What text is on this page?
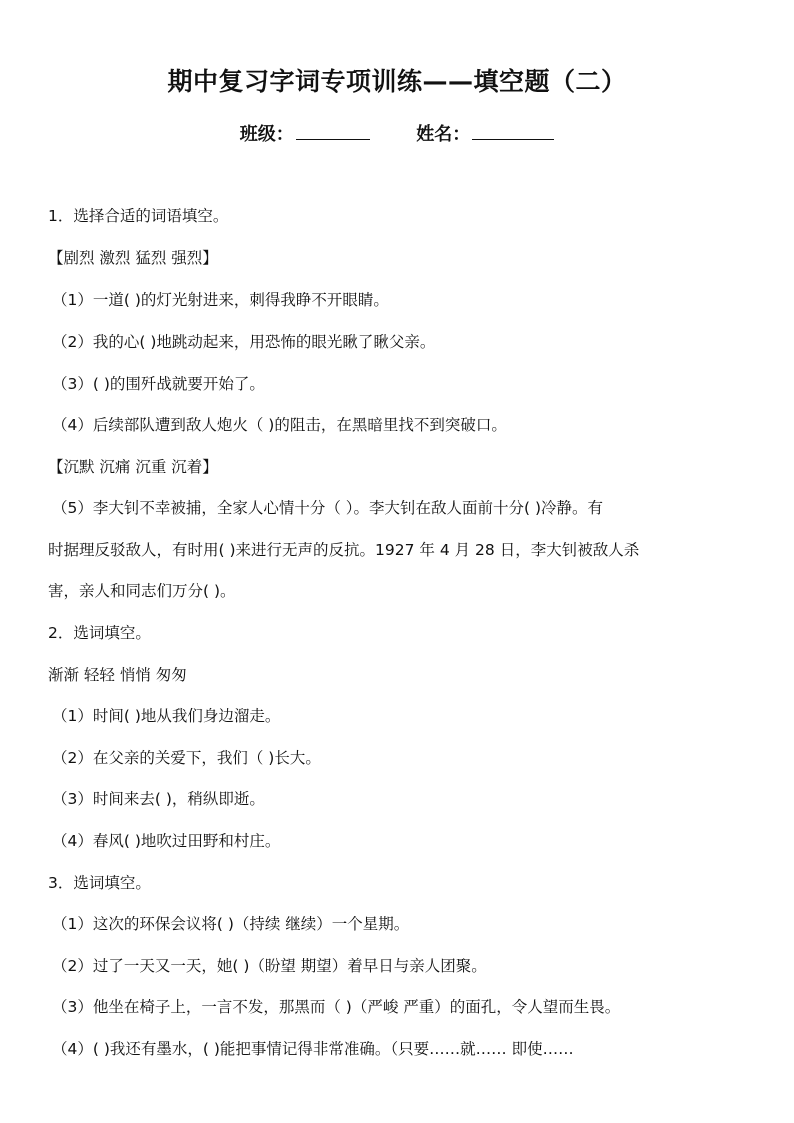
期中复习字词专项训练——填空题（二）
班级：	姓名：
1．选择合适的词语填空。
【剧烈 激烈 猛烈 强烈】
（1）一道( )的灯光射进来，刺得我睁不开眼睛。
（2）我的心( )地跳动起来，用恐怖的眼光瞅了瞅父亲。
（3）( )的围歼战就要开始了。
（4）后续部队遭到敌人炮火（ )的阻击，在黑暗里找不到突破口。
【沉默 沉痛 沉重 沉着】
（5）李大钊不幸被捕，全家人心情十分（ ）。李大钊在敌人面前十分( )冷静。有
时据理反驳敌人，有时用( )来进行无声的反抗。1927 年 4 月 28 日，李大钊被敌人杀
害，亲人和同志们万分( )。
2．选词填空。
渐渐 轻轻 悄悄 匆匆
（1）时间( )地从我们身边溜走。
（2）在父亲的关爱下，我们（ )长大。
（3）时间来去( )，稍纵即逝。
（4）春风( )地吹过田野和村庄。
3．选词填空。
（1）这次的环保会议将( )（持续 继续）一个星期。
（2）过了一天又一天，她( )（盼望 期望）着早日与亲人团聚。
（3）他坐在椅子上，一言不发，那黑而（ )（严峻 严重）的面孔，令人望而生畏。
（4）( )我还有墨水，( )能把事情记得非常准确。（只要……就…… 即使……
